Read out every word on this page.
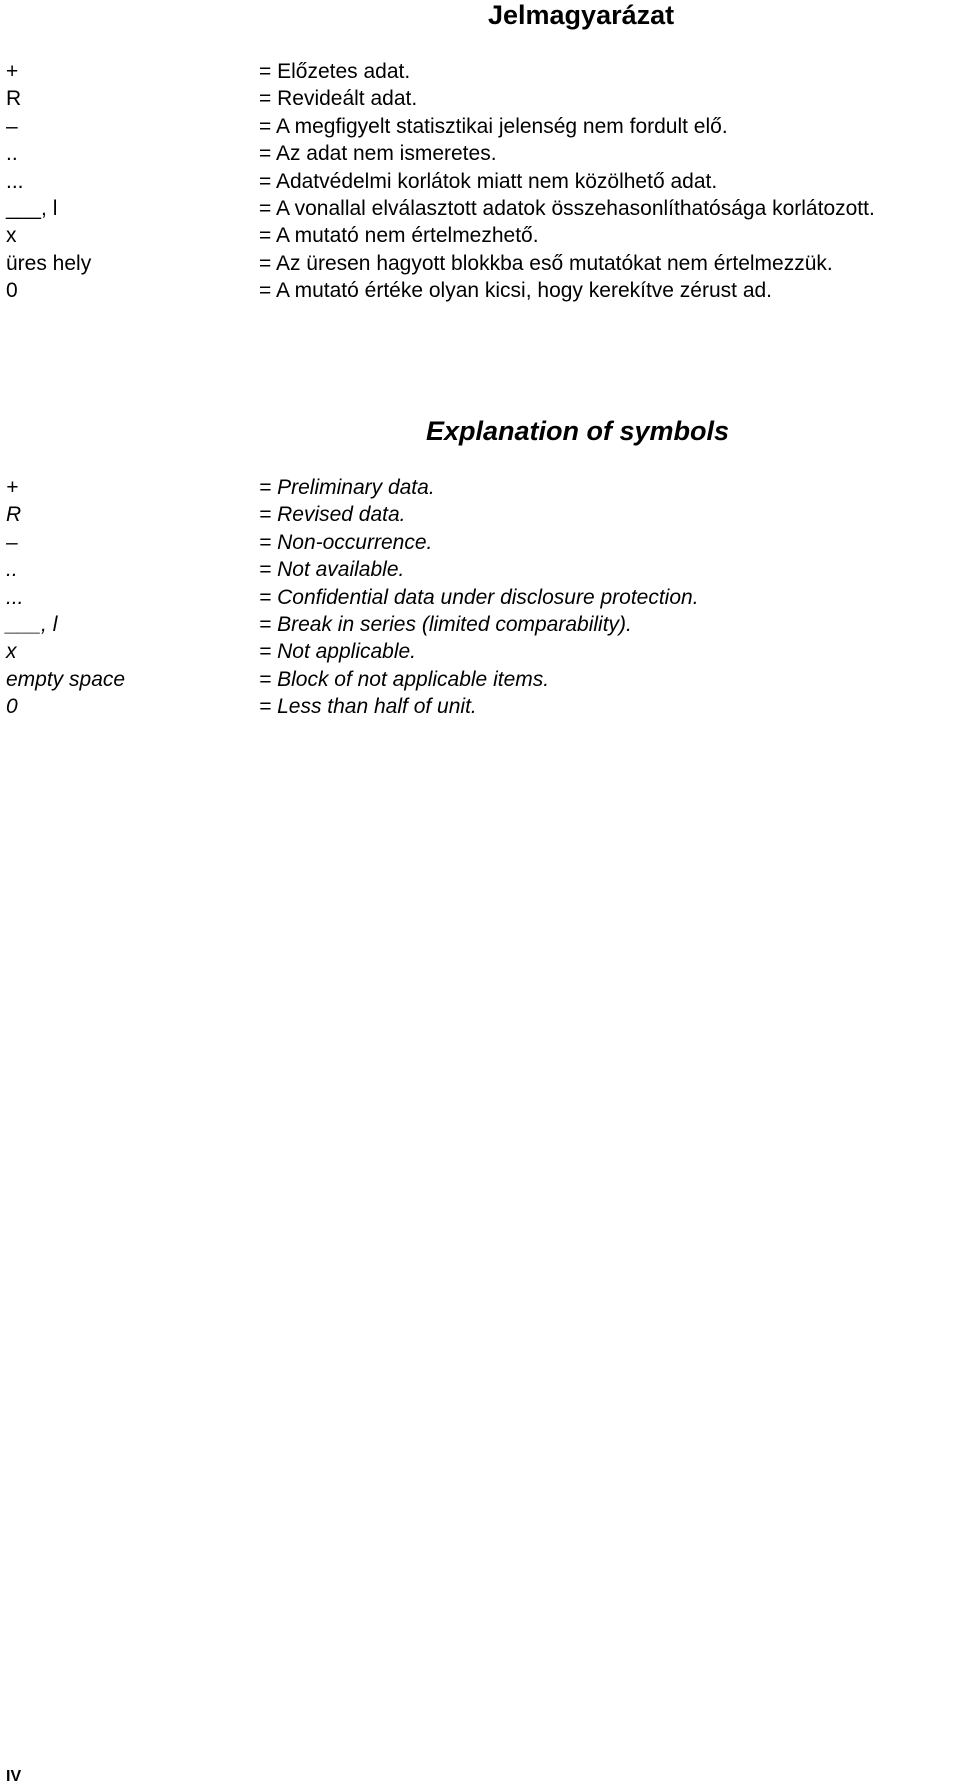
Jelmagyarázat
+	= Előzetes adat.
R	= Revideált adat.
–	= A megfigyelt statisztikai jelenség nem fordult elő.
..	= Az adat nem ismeretes.
...	= Adatvédelmi korlátok miatt nem közölhető adat.
___, l	= A vonallal elválasztott adatok összehasonlíthatósága korlátozott.
x	= A mutató nem értelmezhető.
üres hely	= Az üresen hagyott blokkba eső mutatókat nem értelmezzük.
0	= A mutató értéke olyan kicsi, hogy kerekítve zérust ad.
Explanation of symbols
+	= Preliminary data.
R	= Revised data.
–	= Non-occurrence.
..	= Not available.
...	= Confidential data under disclosure protection.
___, l	= Break in series (limited comparability).
x	= Not applicable.
empty space	= Block of not applicable items.
0	= Less than half of unit.
IV
